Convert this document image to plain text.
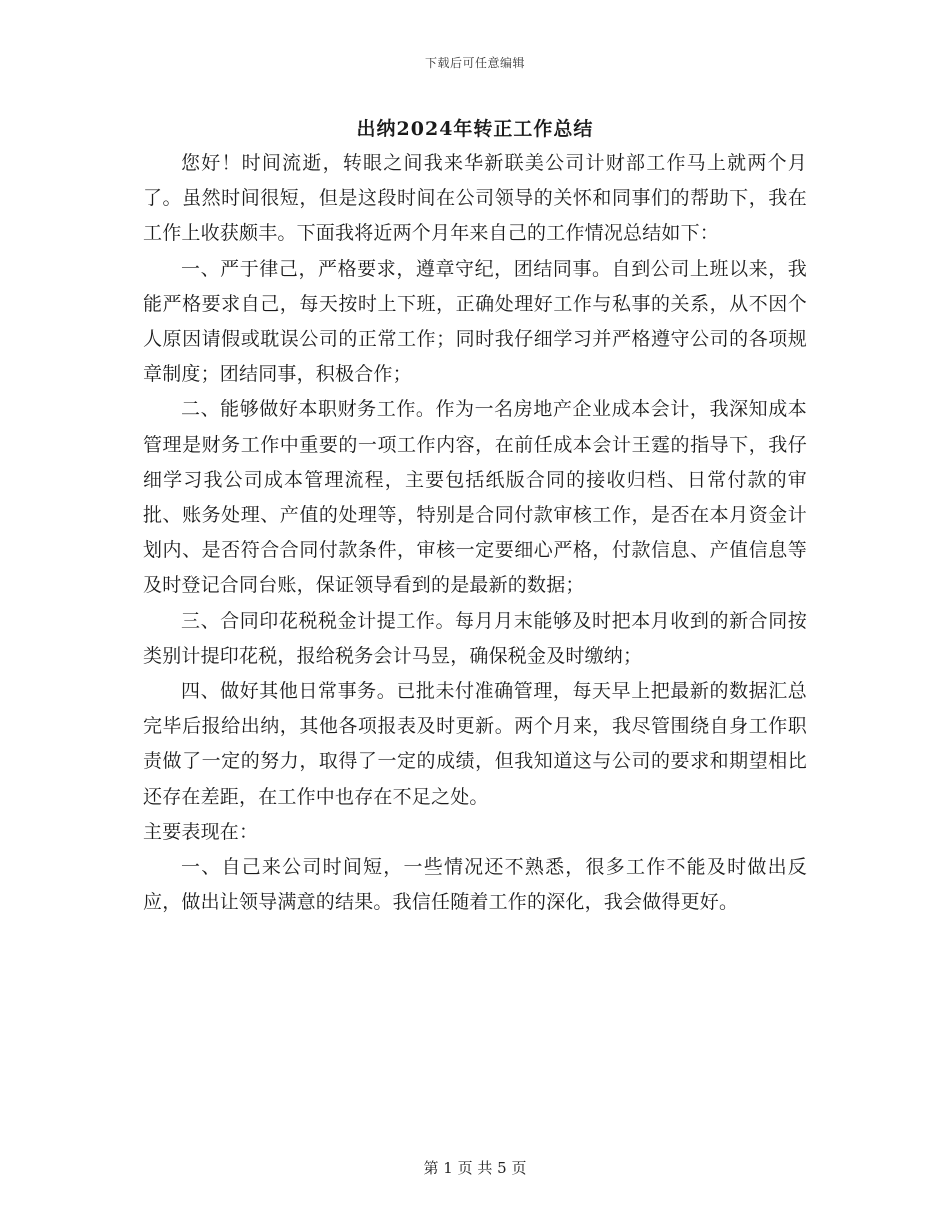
下载后可任意编辑
出纳2024年转正工作总结

您好！时间流逝，转眼之间我来华新联美公司计财部工作马上就两个月了。虽然时间很短，但是这段时间在公司领导的关怀和同事们的帮助下，我在工作上收获颇丰。下面我将近两个月年来自己的工作情况总结如下：

一、严于律己，严格要求，遵章守纪，团结同事。自到公司上班以来，我能严格要求自己，每天按时上下班，正确处理好工作与私事的关系，从不因个人原因请假或耽误公司的正常工作；同时我仔细学习并严格遵守公司的各项规章制度；团结同事，积极合作；

二、能够做好本职财务工作。作为一名房地产企业成本会计，我深知成本管理是财务工作中重要的一项工作内容，在前任成本会计王霆的指导下，我仔细学习我公司成本管理流程，主要包括纸版合同的接收归档、日常付款的审批、账务处理、产值的处理等，特别是合同付款审核工作，是否在本月资金计划内、是否符合合同付款条件，审核一定要细心严格，付款信息、产值信息等及时登记合同台账，保证领导看到的是最新的数据；

三、合同印花税税金计提工作。每月月末能够及时把本月收到的新合同按类别计提印花税，报给税务会计马昱，确保税金及时缴纳；

四、做好其他日常事务。已批未付准确管理，每天早上把最新的数据汇总完毕后报给出纳，其他各项报表及时更新。两个月来，我尽管围绕自身工作职责做了一定的努力，取得了一定的成绩，但我知道这与公司的要求和期望相比还存在差距，在工作中也存在不足之处。

主要表现在：

一、自己来公司时间短，一些情况还不熟悉，很多工作不能及时做出反应，做出让领导满意的结果。我信任随着工作的深化，我会做得更好。

第 1 页 共 5 页
